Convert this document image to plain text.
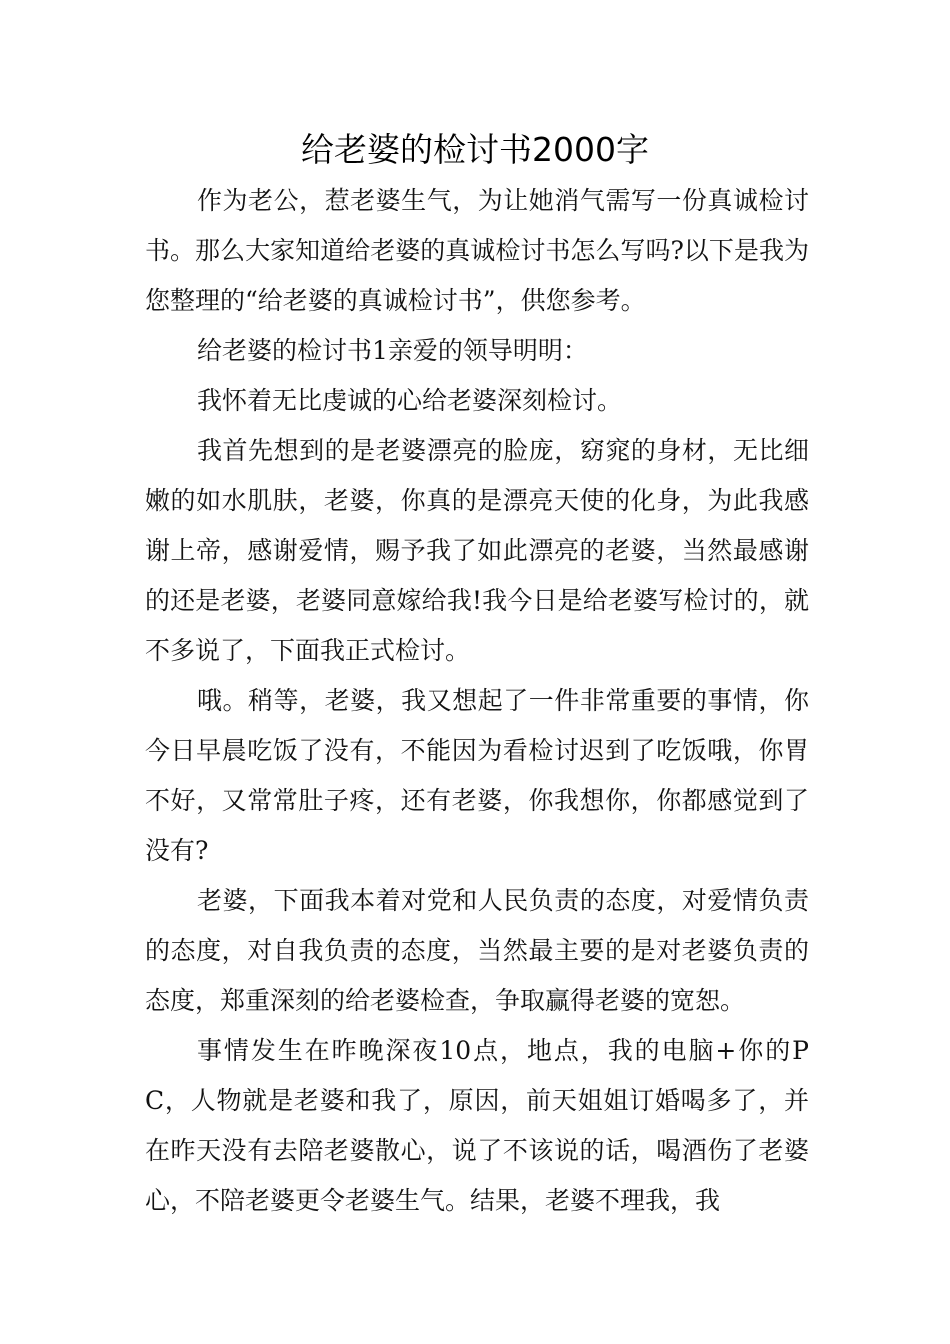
给老婆的检讨书2000字

作为老公，惹老婆生气，为让她消气需写一份真诚检讨书。那么大家知道给老婆的真诚检讨书怎么写吗?以下是我为您整理的“给老婆的真诚检讨书”，供您参考。

给老婆的检讨书1亲爱的领导明明：

我怀着无比虔诚的心给老婆深刻检讨。

我首先想到的是老婆漂亮的脸庞，窈窕的身材，无比细嫩的如水肌肤，老婆，你真的是漂亮天使的化身，为此我感谢上帝，感谢爱情，赐予我了如此漂亮的老婆，当然最感谢的还是老婆，老婆同意嫁给我!我今日是给老婆写检讨的，就不多说了，下面我正式检讨。

哦。稍等，老婆，我又想起了一件非常重要的事情，你今日早晨吃饭了没有，不能因为看检讨迟到了吃饭哦，你胃不好，又常常肚子疼，还有老婆，你我想你，你都感觉到了没有?

老婆，下面我本着对党和人民负责的态度，对爱情负责的态度，对自我负责的态度，当然最主要的是对老婆负责的态度，郑重深刻的给老婆检查，争取赢得老婆的宽恕。

事情发生在昨晚深夜10点，地点，我的电脑+你的PC，人物就是老婆和我了，原因，前天姐姐订婚喝多了，并在昨天没有去陪老婆散心，说了不该说的话，喝酒伤了老婆心，不陪老婆更令老婆生气。结果，老婆不理我，我
